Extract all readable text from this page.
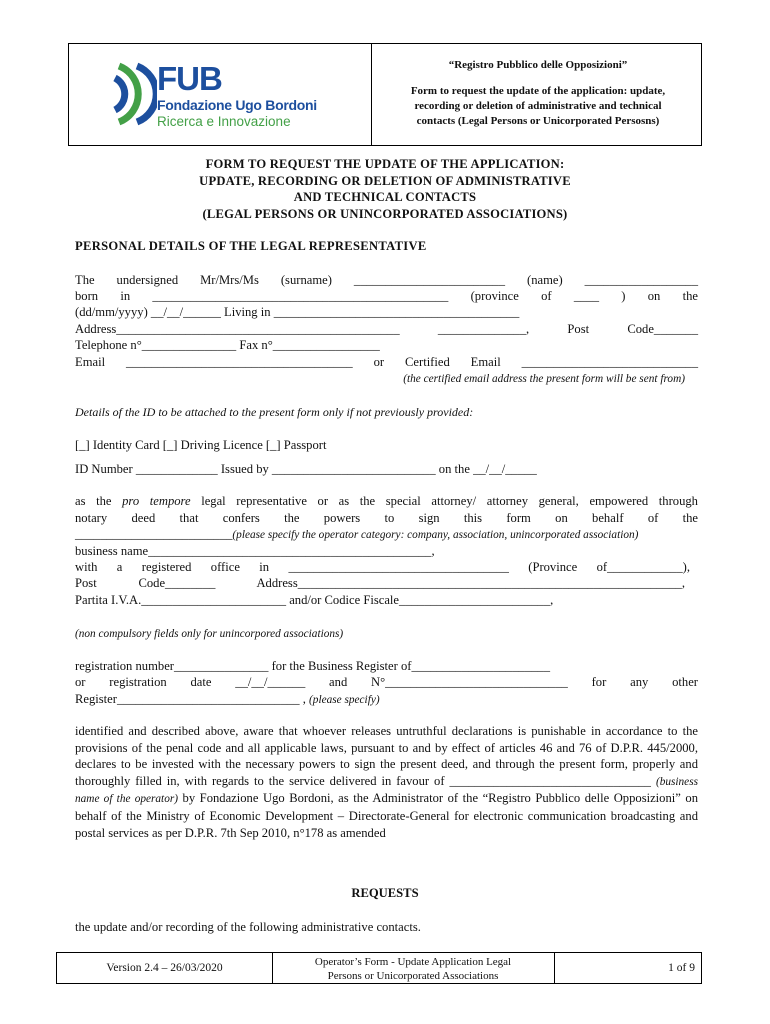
FUB
Fondazione Ugo Bordoni
Ricerca e Innovazione
“Registro Pubblico delle Opposizioni”
Form to request the update of the application: update,
recording or deletion of administrative and technical
contacts (Legal Persons or Unicorporated Persosns)
FORM TO REQUEST THE UPDATE OF THE APPLICATION:
UPDATE, RECORDING OR DELETION OF ADMINISTRATIVE
AND TECHNICAL CONTACTS
(LEGAL PERSONS OR UNINCORPORATED ASSOCIATIONS)
PERSONAL DETAILS OF THE LEGAL REPRESENTATIVE
The undersigned Mr/Mrs/Ms (surname) ________________________ (name) __________________
born in _______________________________________________ (province of ____ ) on the
(dd/mm/yyyy) __/__/______ Living in _______________________________________
Address_____________________________________________ ______________, Post Code_______
Telephone n°_______________ Fax n°_________________
Email ____________________________________ or Certified Email ____________________________
(the certified email address the present form will be sent from)
Details of the ID to be attached to the present form only if not previously provided:
[_] Identity Card [_] Driving Licence [_] Passport
ID Number _____________ Issued by __________________________ on the __/__/_____
as the pro tempore legal representative or as the special attorney/ attorney general, empowered through
notary deed that confers the powers to sign this form on behalf of the
_________________________(please specify the operator category: company, association, unincorporated association)
business name_____________________________________________,
with a registered office in ___________________________________ (Province of____________),
Post Code________ Address_____________________________________________________________,
Partita I.V.A._______________________ and/or Codice Fiscale________________________,
(non compulsory fields only for unincorpored associations)
registration number_______________ for the Business Register of______________________
or registration date __/__/______ and N°_____________________________ for any other
Register_____________________________ , (please specify)
identified and described above, aware that whoever releases untruthful declarations is punishable in accordance to the provisions of the penal code and all applicable laws, pursuant to and by effect of articles 46 and 76 of D.P.R. 445/2000, declares to be invested with the necessary powers to sign the present deed, and through the present form, properly and thoroughly filled in, with regards to the service delivered in favour of ________________________________ (business name of the operator) by Fondazione Ugo Bordoni, as the Administrator of the “Registro Pubblico delle Opposizioni” on behalf of the Ministry of Economic Development – Directorate-General for electronic communication broadcasting and postal services as per D.P.R. 7th Sep 2010, n°178 as amended
REQUESTS
the update and/or recording of the following administrative contacts.
Version 2.4 – 26/03/2020	Operator’s Form - Update Application Legal
Persons or Unicorporated Associations
1 of 9
